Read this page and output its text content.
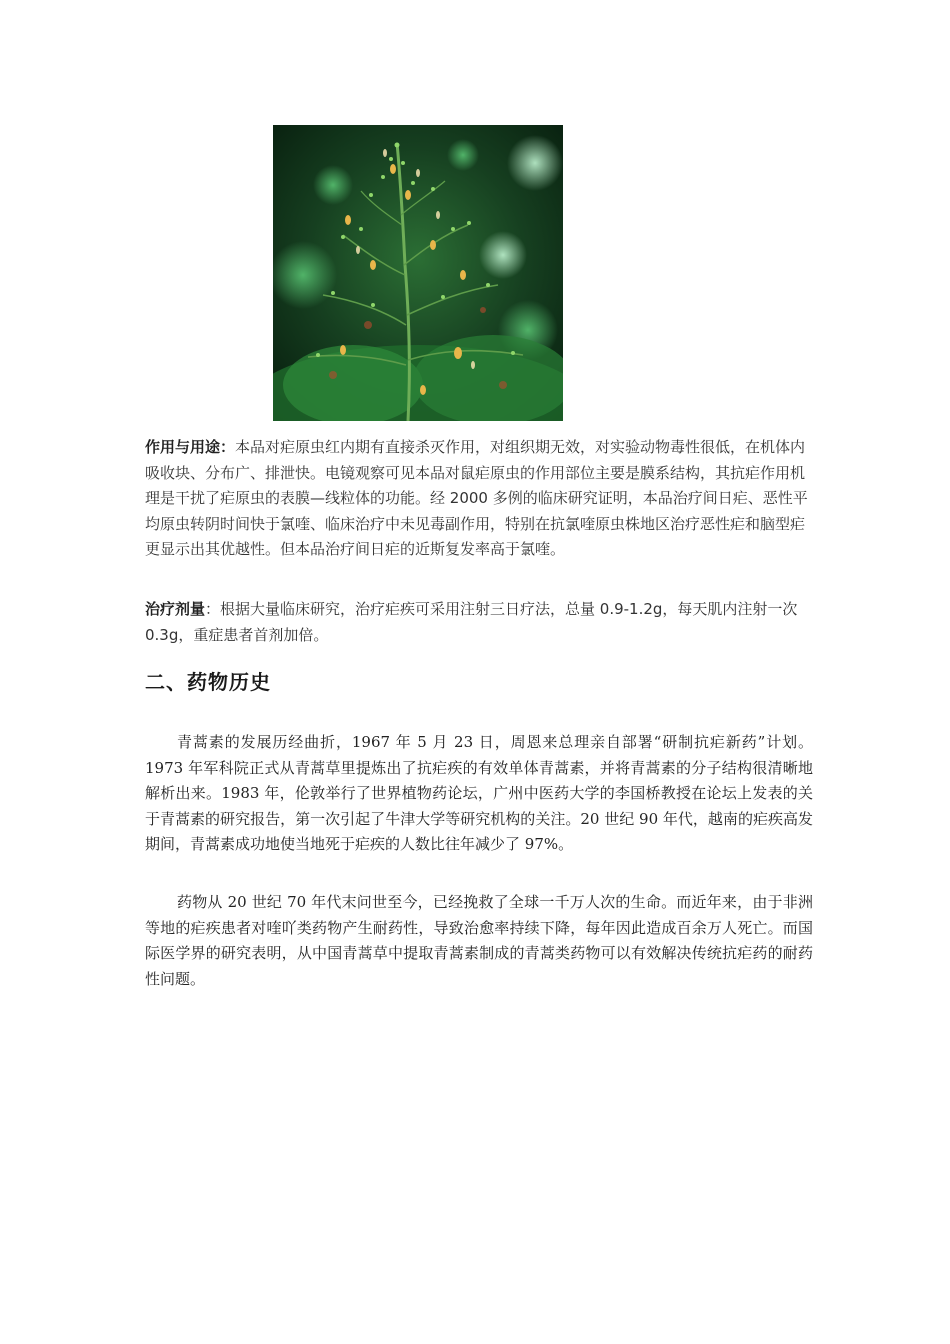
作用与用途：本品对疟原虫红内期有直接杀灭作用，对组织期无效，对实验动物毒性很低，在机体内吸收块、分布广、排泄快。电镜观察可见本品对鼠疟原虫的作用部位主要是膜系结构，其抗疟作用机理是干扰了疟原虫的表膜—线粒体的功能。经 2000 多例的临床研究证明，本品治疗间日疟、恶性平均原虫转阴时间快于氯喹、临床治疗中未见毒副作用，特别在抗氯喹原虫株地区治疗恶性疟和脑型疟更显示出其优越性。但本品治疗间日疟的近斯复发率高于氯喹。

治疗剂量：根据大量临床研究，治疗疟疾可采用注射三日疗法，总量 0.9-1.2g，每天肌内注射一次 0.3g，重症患者首剂加倍。

二、药物历史

青蒿素的发展历经曲折，1967 年 5 月 23 日，周恩来总理亲自部署“研制抗疟新药”计划。1973 年军科院正式从青蒿草里提炼出了抗疟疾的有效单体青蒿素，并将青蒿素的分子结构很清晰地解析出来。1983 年，伦敦举行了世界植物药论坛，广州中医药大学的李国桥教授在论坛上发表的关于青蒿素的研究报告，第一次引起了牛津大学等研究机构的关注。20 世纪 90 年代，越南的疟疾高发期间，青蒿素成功地使当地死于疟疾的人数比往年减少了 97%。

药物从 20 世纪 70 年代末问世至今，已经挽救了全球一千万人次的生命。而近年来，由于非洲等地的疟疾患者对喹吖类药物产生耐药性，导致治愈率持续下降，每年因此造成百余万人死亡。而国际医学界的研究表明，从中国青蒿草中提取青蒿素制成的青蒿类药物可以有效解决传统抗疟药的耐药性问题。
